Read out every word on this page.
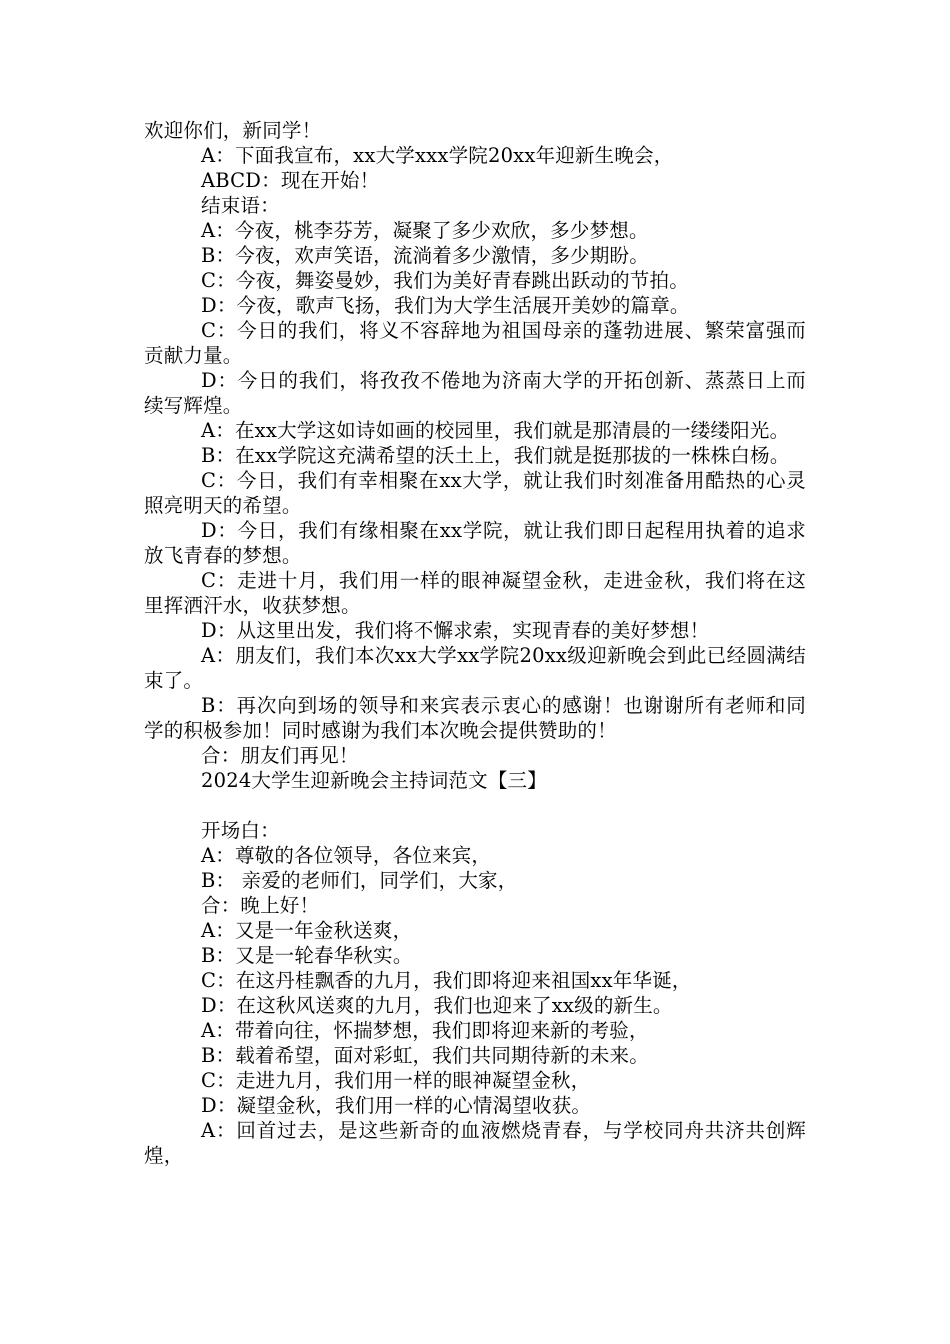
欢迎你们，新同学！

A：下面我宣布，xx大学xxx学院20xx年迎新生晚会，

ABCD：现在开始！

结束语：

A：今夜，桃李芬芳，凝聚了多少欢欣，多少梦想。

B：今夜，欢声笑语，流淌着多少激情，多少期盼。

C：今夜，舞姿曼妙，我们为美好青春跳出跃动的节拍。

D：今夜，歌声飞扬，我们为大学生活展开美妙的篇章。

C：今日的我们，将义不容辞地为祖国母亲的蓬勃进展、繁荣富强而贡献力量。

D：今日的我们，将孜孜不倦地为济南大学的开拓创新、蒸蒸日上而续写辉煌。

A：在xx大学这如诗如画的校园里，我们就是那清晨的一缕缕阳光。

B：在xx学院这充满希望的沃土上，我们就是挺那拔的一株株白杨。

C：今日，我们有幸相聚在xx大学，就让我们时刻准备用酷热的心灵照亮明天的希望。

D：今日，我们有缘相聚在xx学院，就让我们即日起程用执着的追求放飞青春的梦想。

C：走进十月，我们用一样的眼神凝望金秋，走进金秋，我们将在这里挥洒汗水，收获梦想。

D：从这里出发，我们将不懈求索，实现青春的美好梦想！

A：朋友们，我们本次xx大学xx学院20xx级迎新晚会到此已经圆满结束了。

B：再次向到场的领导和来宾表示衷心的感谢！也谢谢所有老师和同学的积极参加！同时感谢为我们本次晚会提供赞助的！

合：朋友们再见！

2024大学生迎新晚会主持词范文【三】

开场白：

A：尊敬的各位领导，各位来宾，

B： 亲爱的老师们，同学们，大家，

合：晚上好！

A：又是一年金秋送爽，

B：又是一轮春华秋实。

C：在这丹桂飘香的九月，我们即将迎来祖国xx年华诞，

D：在这秋风送爽的九月，我们也迎来了xx级的新生。

A：带着向往，怀揣梦想，我们即将迎来新的考验，

B：载着希望，面对彩虹，我们共同期待新的未来。

C：走进九月，我们用一样的眼神凝望金秋，

D：凝望金秋，我们用一样的心情渴望收获。

A：回首过去，是这些新奇的血液燃烧青春，与学校同舟共济共创辉煌，
